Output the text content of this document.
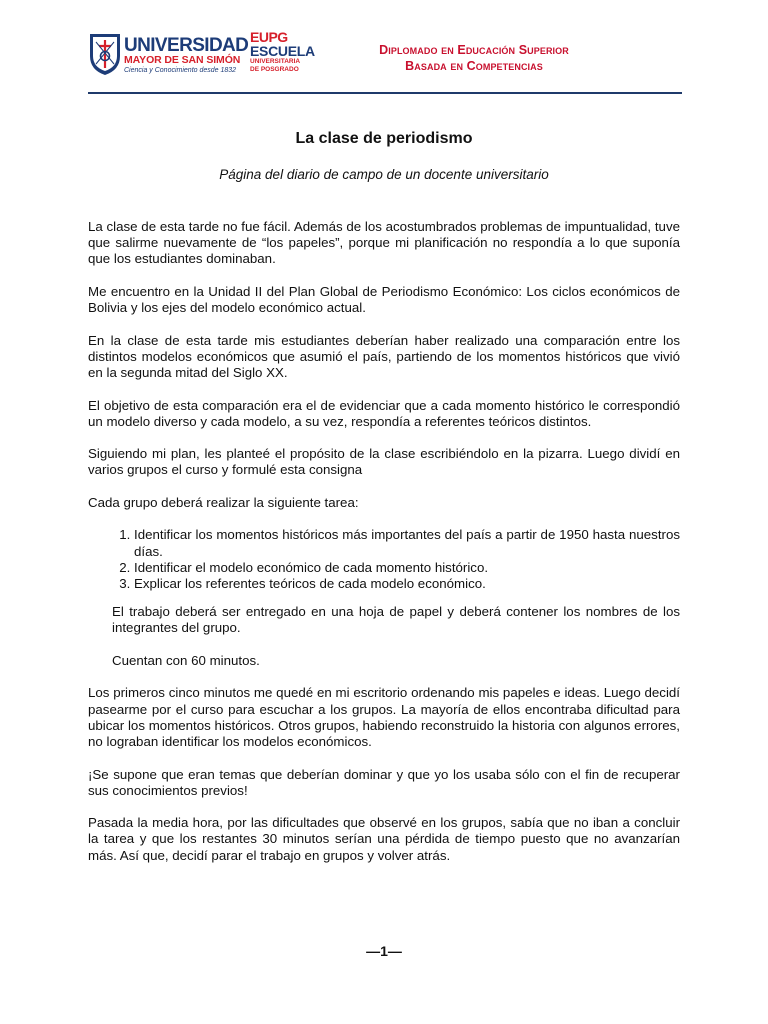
UNIVERSIDAD
MAYOR DE SAN SIMÓN
Ciencia y Conocimiento desde 1832
EUPG
ESCUELA
UNIVERSITARIA
DE POSGRADO
Diplomado en Educación Superior
Basada en Competencias
La clase de periodismo

Página del diario de campo de un docente universitario

La clase de esta tarde no fue fácil. Además de los acostumbrados problemas de impuntualidad, tuve que salirme nuevamente de “los papeles”, porque mi planificación no respondía a lo que suponía que los estudiantes dominaban.

Me encuentro en la Unidad II del Plan Global de Periodismo Económico: Los ciclos económicos de Bolivia y los ejes del modelo económico actual.

En la clase de esta tarde mis estudiantes deberían haber realizado una comparación entre los distintos modelos económicos que asumió el país, partiendo de los momentos históricos que vivió en la segunda mitad del Siglo XX.

El objetivo de esta comparación era el de evidenciar que a cada momento histórico le correspondió un modelo diverso y cada modelo, a su vez, respondía a referentes teóricos distintos.

Siguiendo mi plan, les planteé el propósito de la clase escribiéndolo en la pizarra. Luego dividí en varios grupos el curso y formulé esta consigna

Cada grupo deberá realizar la siguiente tarea:

1. Identificar los momentos históricos más importantes del país a partir de 1950 hasta nuestros días.
2. Identificar el modelo económico de cada momento histórico.
3. Explicar los referentes teóricos de cada modelo económico.

El trabajo deberá ser entregado en una hoja de papel y deberá contener los nombres de los integrantes del grupo.

Cuentan con 60 minutos.

Los primeros cinco minutos me quedé en mi escritorio ordenando mis papeles e ideas. Luego decidí pasearme por el curso para escuchar a los grupos. La mayoría de ellos encontraba dificultad para ubicar los momentos históricos. Otros grupos, habiendo reconstruido la historia con algunos errores, no lograban identificar los modelos económicos.

¡Se supone que eran temas que deberían dominar y que yo los usaba sólo con el fin de recuperar sus conocimientos previos!

Pasada la media hora, por las dificultades que observé en los grupos, sabía que no iban a concluir la tarea y que los restantes 30 minutos serían una pérdida de tiempo puesto que no avanzarían más. Así que, decidí parar el trabajo en grupos y volver atrás.

—1—
